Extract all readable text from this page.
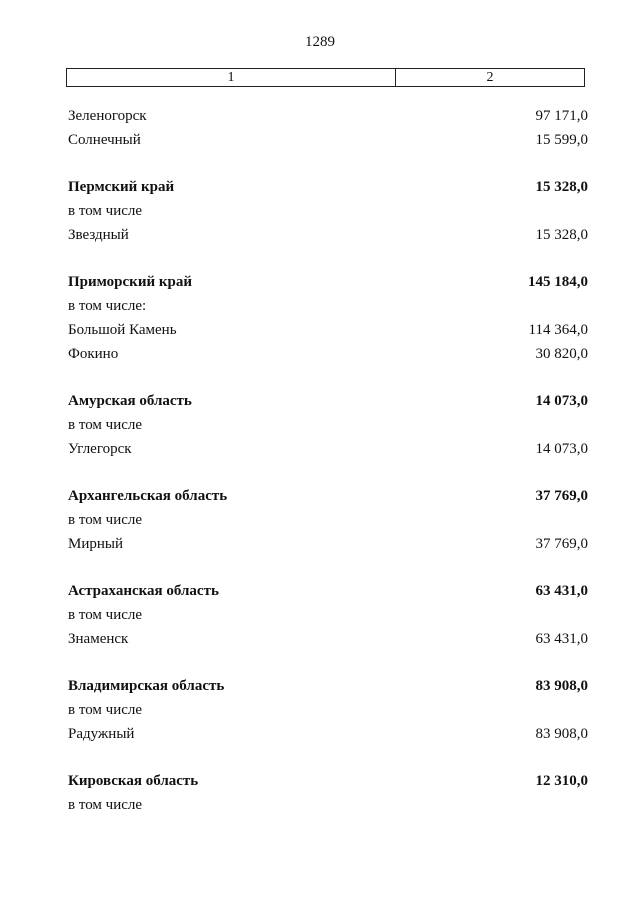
1289
1	2
Зеленогорск	97 171,0
Солнечный	15 599,0
Пермский край	15 328,0
в том числе
Звездный	15 328,0
Приморский край	145 184,0
в том числе:
Большой Камень	114 364,0
Фокино	30 820,0
Амурская область	14 073,0
в том числе
Углегорск	14 073,0
Архангельская область	37 769,0
в том числе
Мирный	37 769,0
Астраханская область	63 431,0
в том числе
Знаменск	63 431,0
Владимирская область	83 908,0
в том числе
Радужный	83 908,0
Кировская область	12 310,0
в том числе
